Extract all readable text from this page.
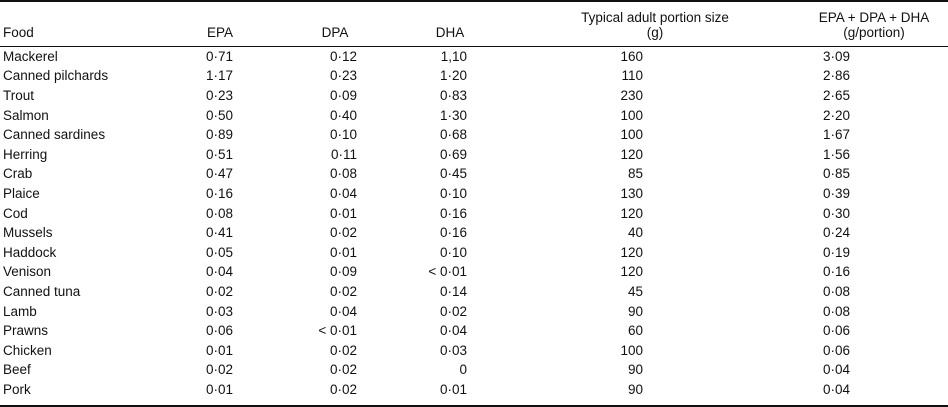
Food	EPA	DPA	DHA

Typical adult portion size
(g)

EPA + DPA + DHA
(g/portion)

Mackerel	0·71	0·12	1,10	160	3·09
Canned pilchards	1·17	0·23	1·20	110	2·86
Trout	0·23	0·09	0·83	230	2·65
Salmon	0·50	0·40	1·30	100	2·20
Canned sardines	0·89	0·10	0·68	100	1·67
Herring	0·51	0·11	0·69	120	1·56
Crab	0·47	0·08	0·45	85	0·85
Plaice	0·16	0·04	0·10	130	0·39
Cod	0·08	0·01	0·16	120	0·30
Mussels	0·41	0·02	0·16	40	0·24
Haddock	0·05	0·01	0·10	120	0·19
Venison	0·04	0·09	< 0·01	120	0·16
Canned tuna	0·02	0·02	0·14	45	0·08
Lamb	0·03	0·04	0·02	90	0·08
Prawns	0·06	< 0·01	0·04	60	0·06
Chicken	0·01	0·02	0·03	100	0·06
Beef	0·02	0·02	0	90	0·04
Pork	0·01	0·02	0·01	90	0·04
